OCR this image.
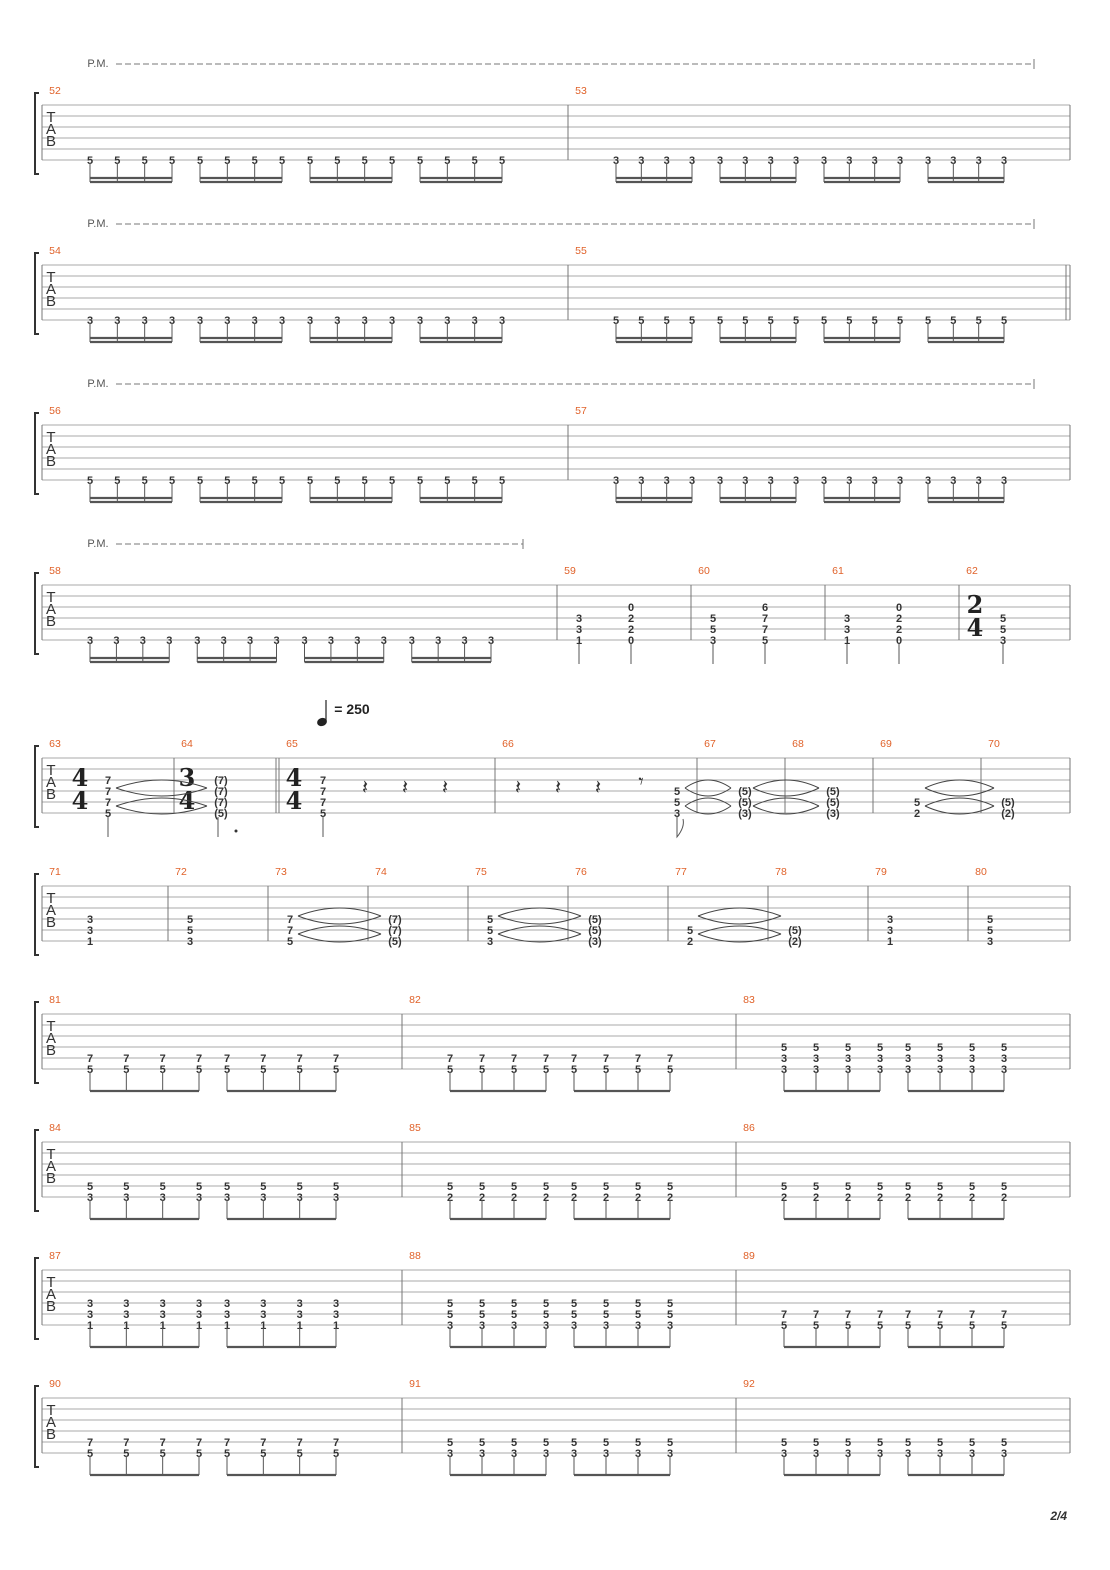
T
A
B
P.M.
52
5 5 5 5 5 5 5 5 5 5 5 5 5 5 5 5
53
3 3 3 3 3 3 3 3 3 3 3 3 3 3 3 3
T
A
B
P.M.
54
3 3 3 3 3 3 3 3 3 3 3 3 3 3 3 3
55
5 5 5 5 5 5 5 5 5 5 5 5 5 5 5 5
T
A
B
P.M.
56
5 5 5 5 5 5 5 5 5 5 5 5 5 5 5 5
57
3 3 3 3 3 3 3 3 3 3 3 3 3 3 3 3
T
A
B
P.M.
58
3 3 3 3 3 3 3 3 3 3 3 3 3 3 3 3
59
3
3
1
0
2
2
0
60
5
5
3
6
7
7
5
61
3
3
1
0
2
2
0
62
2
4 5
5
3
T
A
B
63
4
4
7
7
7
5
64
3
4
(7)
(7)
(7)
(5)
65
4
4
7
7
7
5
𝄽 𝄽 𝄽
66
5
5
3
𝄽 𝄽 𝄽 𝄾
67
(5)
(5)
(3)
68
(5)
(5)
(3)
69
5
2
70
(5)
(2)
T
A
B
71
3
3
1
72
5
5
3
73
7
7
5
74
(7)
(7)
(5)
75
5
5
3
76
(5)
(5)
(3)
77
5
2
78
(5)
(2)
79
3
3
1
80
5
5
3
T
A
B
81
7
5
7
5
7
5
7
5
7
5
7
5
7
5
7
5
82
7
5
7
5
7
5
7
5
7
5
7
5
7
5
7
5
83
5
3
3
5
3
3
5
3
3
5
3
3
5
3
3
5
3
3
5
3
3
5
3
3
T
A
B
84
5
3
5
3
5
3
5
3
5
3
5
3
5
3
5
3
85
5
2
5
2
5
2
5
2
5
2
5
2
5
2
5
2
86
5
2
5
2
5
2
5
2
5
2
5
2
5
2
5
2
T
A
B
87
3
3
1
3
3
1
3
3
1
3
3
1
3
3
1
3
3
1
3
3
1
3
3
1
88
5
5
3
5
5
3
5
5
3
5
5
3
5
5
3
5
5
3
5
5
3
5
5
3
89
7
5
7
5
7
5
7
5
7
5
7
5
7
5
7
5
T
A
B
90
7
5
7
5
7
5
7
5
7
5
7
5
7
5
7
5
91
5
3
5
3
5
3
5
3
5
3
5
3
5
3
5
3
92
5
3
5
3
5
3
5
3
5
3
5
3
5
3
5
3
= 250
2/4
